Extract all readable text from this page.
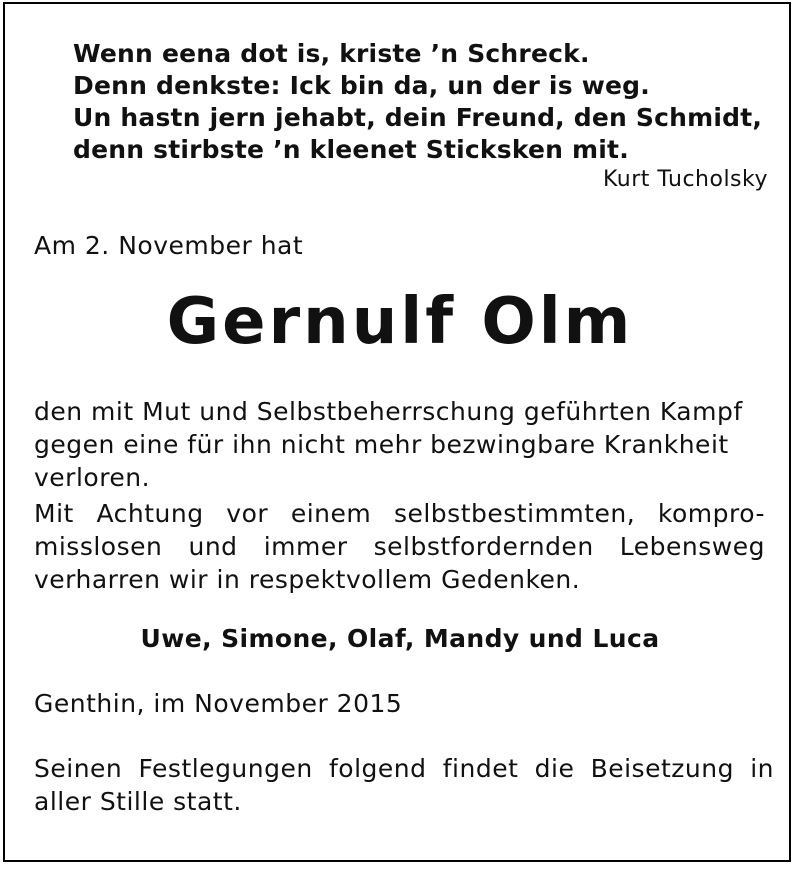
Wenn eena dot is, kriste ’n Schreck.
Denn denkste: Ick bin da, un der is weg.
Un hastn jern jehabt, dein Freund, den Schmidt,
denn stirbste ’n kleenet Sticksken mit.
Kurt Tucholsky
Am 2. November hat
Gernulf Olm
den mit Mut und Selbstbeherrschung geführten Kampf
gegen eine für ihn nicht mehr bezwingbare Krankheit
verloren.
Mit Achtung vor einem selbstbestimmten, kompro-
misslosen und immer selbstfordernden Lebensweg
verharren wir in respektvollem Gedenken.
Uwe, Simone, Olaf, Mandy und Luca
Genthin, im November 2015
Seinen Festlegungen folgend findet die Beisetzung in
aller Stille statt.
